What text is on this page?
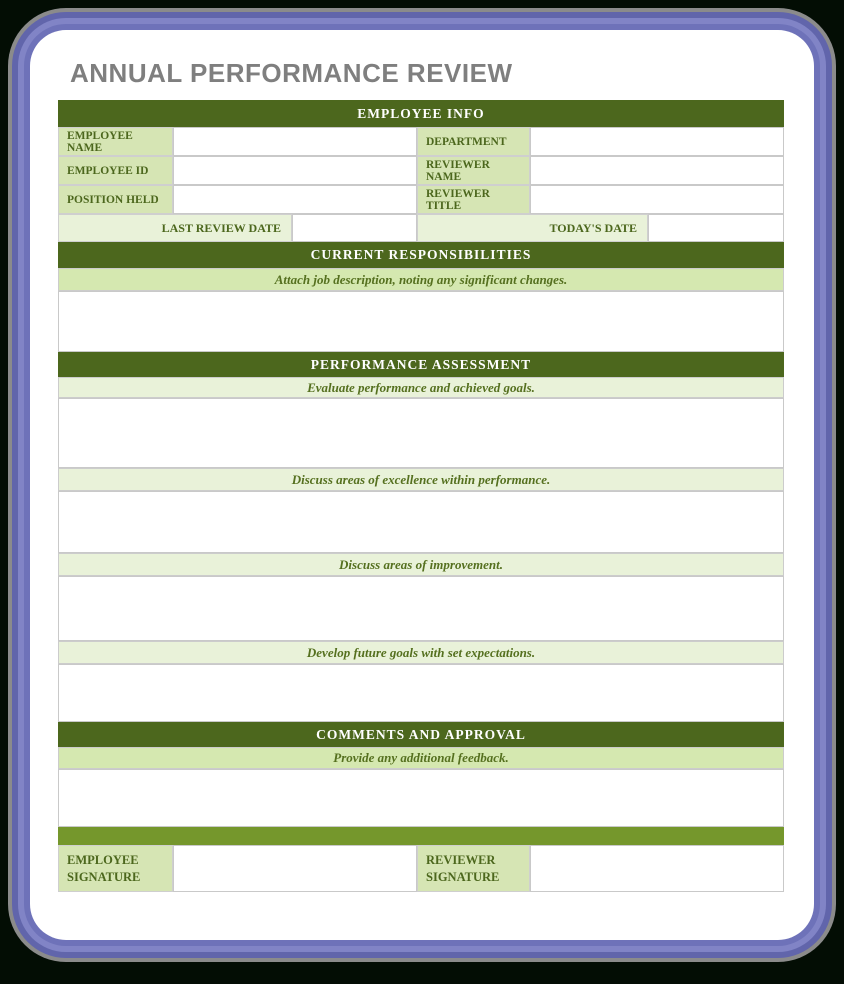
ANNUAL PERFORMANCE REVIEW
EMPLOYEE INFO
EMPLOYEE NAME	DEPARTMENT
EMPLOYEE ID	REVIEWER NAME
POSITION HELD	REVIEWER TITLE
LAST REVIEW DATE	TODAY'S DATE
CURRENT RESPONSIBILITIES
Attach job description, noting any significant changes.
PERFORMANCE ASSESSMENT
Evaluate performance and achieved goals.
Discuss areas of excellence within performance.
Discuss areas of improvement.
Develop future goals with set expectations.
COMMENTS AND APPROVAL
Provide any additional feedback.
EMPLOYEE SIGNATURE
REVIEWER SIGNATURE
